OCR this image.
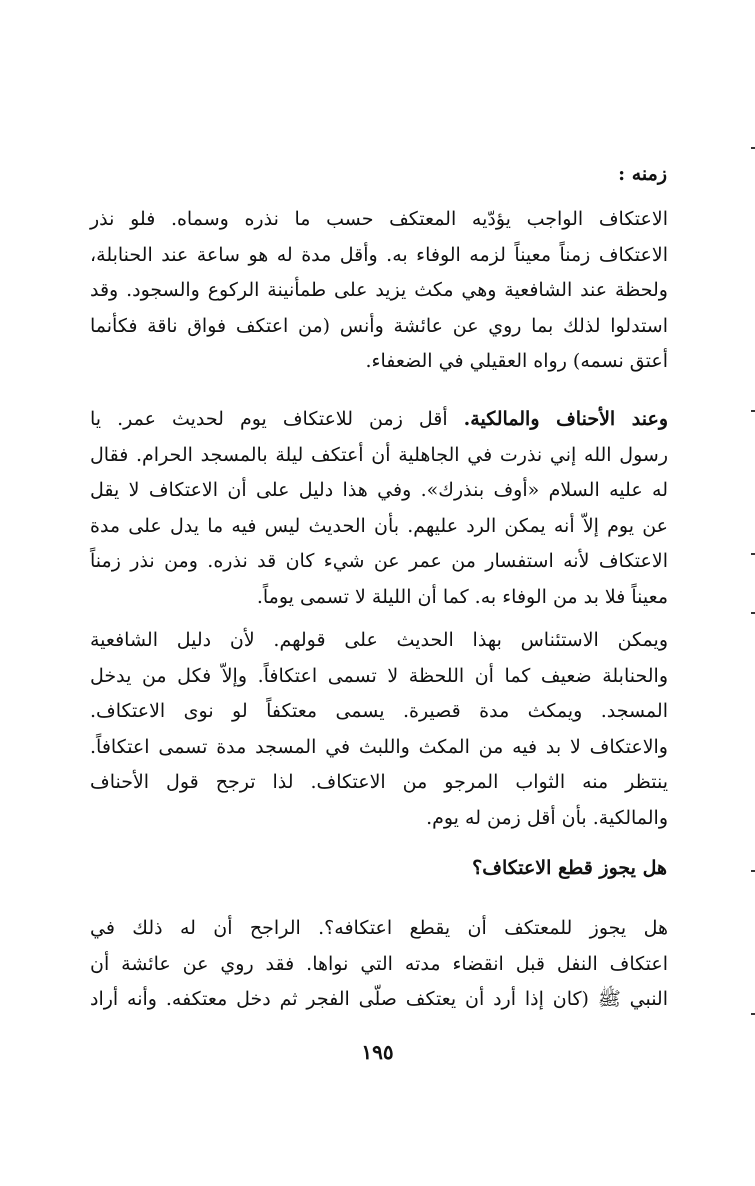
زمنه :
الاعتكاف الواجب يؤدّيه المعتكف حسب ما نذره وسماه. فلو نذر
الاعتكاف زمناً معيناً لزمه الوفاء به. وأقل مدة له هو ساعة عند الحنابلة،
ولحظة عند الشافعية وهي مكث يزيد على طمأنينة الركوع والسجود. وقد
استدلوا لذلك بما روي عن عائشة وأنس (من اعتكف فواق ناقة فكأنما
أعتق نسمه) رواه العقيلي في الضعفاء.
وعند الأحناف والمالكية. أقل زمن للاعتكاف يوم لحديث عمر. يا
رسول الله إني نذرت في الجاهلية أن أعتكف ليلة بالمسجد الحرام. فقال
له عليه السلام «أوف بنذرك». وفي هذا دليل على أن الاعتكاف لا يقل
عن يوم إلاّ أنه يمكن الرد عليهم. بأن الحديث ليس فيه ما يدل على مدة
الاعتكاف لأنه استفسار من عمر عن شيء كان قد نذره. ومن نذر زمناً
معيناً فلا بد من الوفاء به. كما أن الليلة لا تسمى يوماً.
ويمكن الاستئناس بهذا الحديث على قولهم. لأن دليل الشافعية
والحنابلة ضعيف كما أن اللحظة لا تسمى اعتكافاً. وإلاّ فكل من يدخل
المسجد. ويمكث مدة قصيرة. يسمى معتكفاً لو نوى الاعتكاف.
والاعتكاف لا بد فيه من المكث واللبث في المسجد مدة تسمى اعتكافاً.
ينتظر منه الثواب المرجو من الاعتكاف. لذا ترجح قول الأحناف
والمالكية. بأن أقل زمن له يوم.
هل يجوز قطع الاعتكاف؟
هل يجوز للمعتكف أن يقطع اعتكافه؟. الراجح أن له ذلك في
اعتكاف النفل قبل انقضاء مدته التي نواها. فقد روي عن عائشة أن
النبي ﷺ (كان إذا أرد أن يعتكف صلّى الفجر ثم دخل معتكفه. وأنه أراد
١٩٥
